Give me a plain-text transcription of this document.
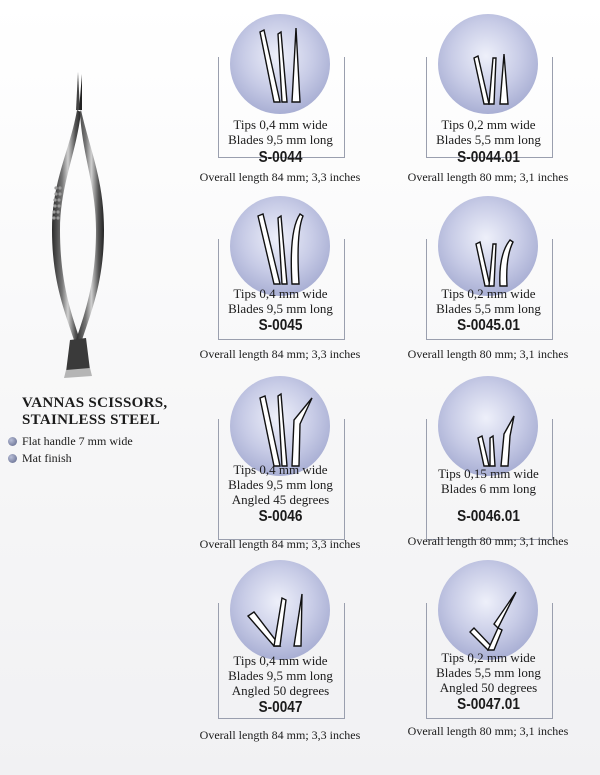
VANNAS SCISSORS,
STAINLESS STEEL
Flat handle 7 mm wide
Mat finish
Tips 0,4 mm wide
Blades 9,5 mm long
S-0044
Overall length 84 mm; 3,3 inches
Tips 0,2 mm wide
Blades 5,5 mm long
S-0044.01
Overall length 80 mm; 3,1 inches
Tips 0,4 mm wide
Blades 9,5 mm long
S-0045
Overall length 84 mm; 3,3 inches
Tips 0,2 mm wide
Blades 5,5 mm long
S-0045.01
Overall length 80 mm; 3,1 inches
Tips 0,4 mm wide
Blades 9,5 mm long
Angled 45 degrees
S-0046
Overall length 84 mm; 3,3 inches
Tips 0,15 mm wide
Blades 6 mm long
S-0046.01
Overall length 80 mm; 3,1 inches
Tips 0,4 mm wide
Blades 9,5 mm long
Angled 50 degrees
S-0047
Overall length 84 mm; 3,3 inches
Tips 0,2 mm wide
Blades 5,5 mm long
Angled 50 degrees
S-0047.01
Overall length 80 mm; 3,1 inches
